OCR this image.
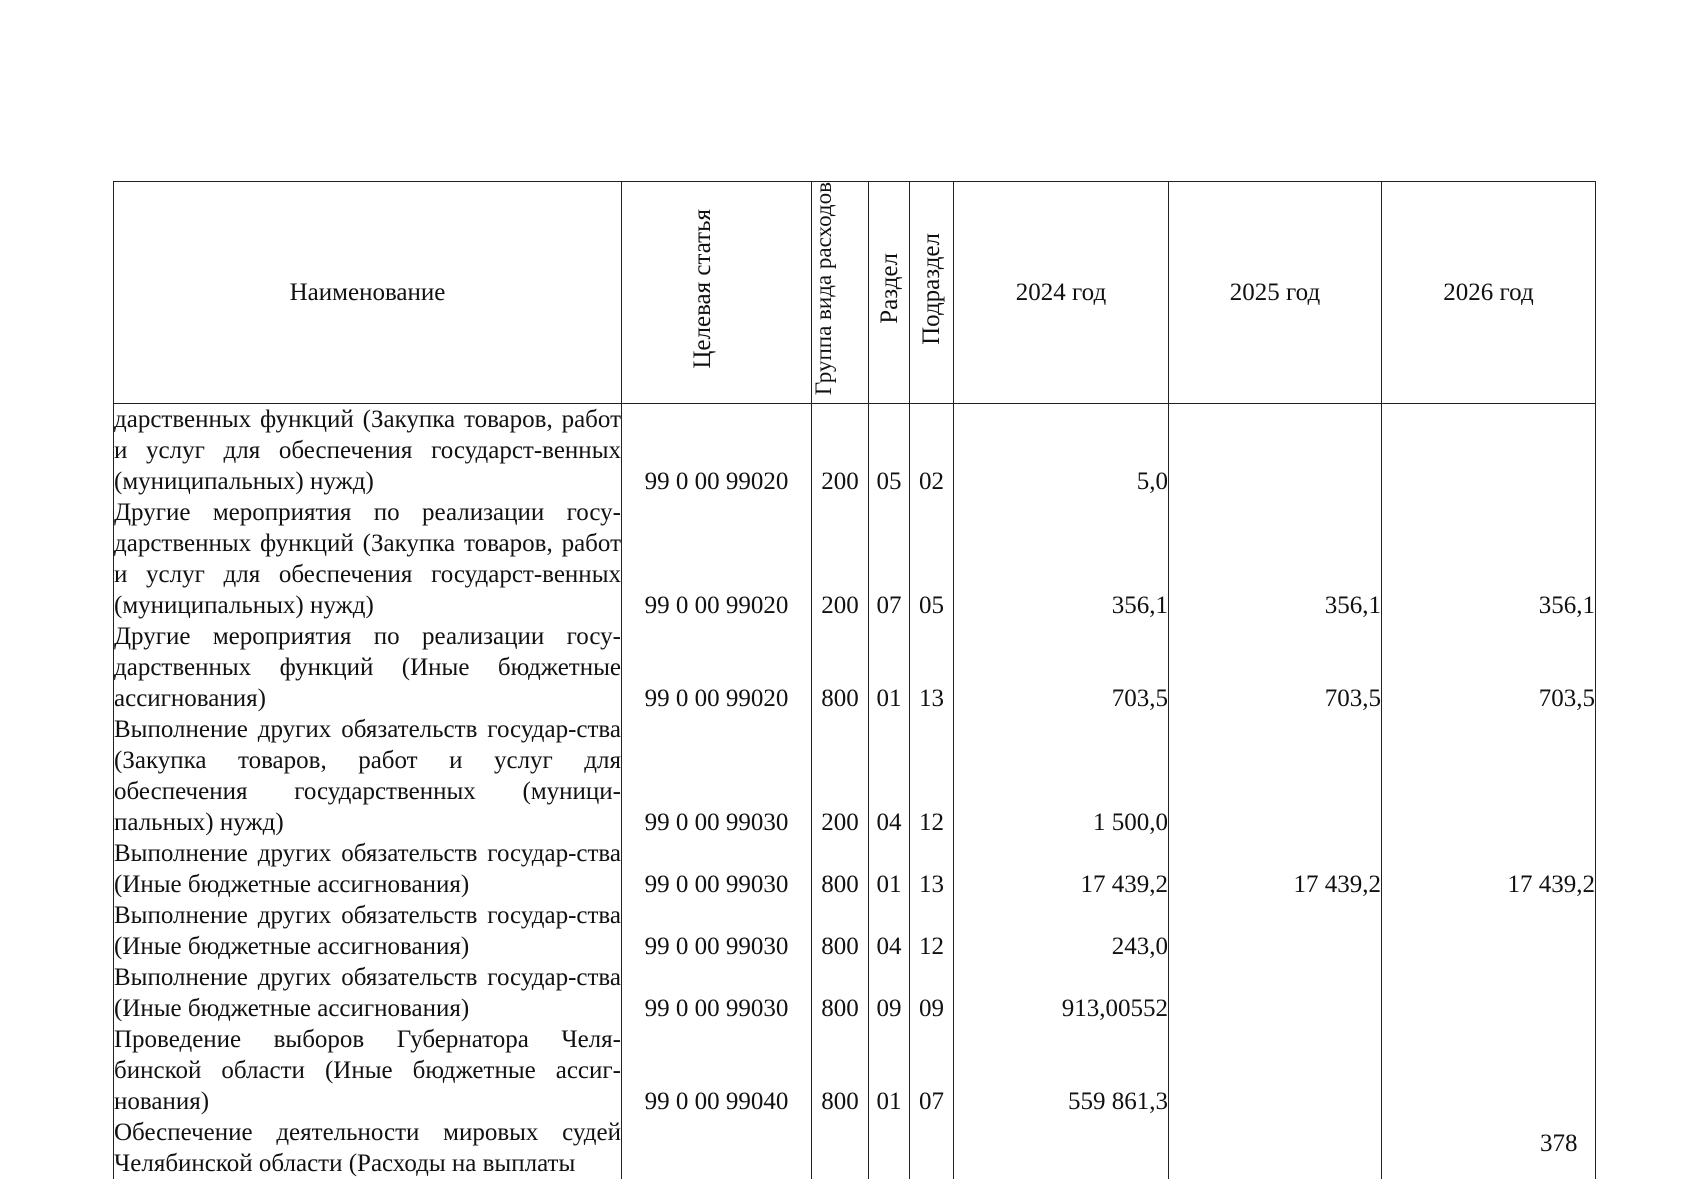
Наименование	Целевая статья	Группа вида расходов	Раздел	Подраздел	2024 год	2025 год	2026 год
дарственных функций (Закупка товаров, работ и услуг для обеспечения государст-венных (муниципальных) нужд)	99 0 00 99020	200	05	02	5,0		
Другие мероприятия по реализации госу-дарственных функций (Закупка товаров, работ и услуг для обеспечения государст-венных (муниципальных) нужд)	99 0 00 99020	200	07	05	356,1	356,1	356,1
Другие мероприятия по реализации госу-дарственных функций (Иные бюджетные ассигнования)	99 0 00 99020	800	01	13	703,5	703,5	703,5
Выполнение других обязательств государ-ства (Закупка товаров, работ и услуг для обеспечения государственных (муници-пальных) нужд)	99 0 00 99030	200	04	12	1 500,0		
Выполнение других обязательств государ-ства (Иные бюджетные ассигнования)	99 0 00 99030	800	01	13	17 439,2	17 439,2	17 439,2
Выполнение других обязательств государ-ства (Иные бюджетные ассигнования)	99 0 00 99030	800	04	12	243,0		
Выполнение других обязательств государ-ства (Иные бюджетные ассигнования)	99 0 00 99030	800	09	09	913,00552		
Проведение выборов Губернатора Челя-бинской области (Иные бюджетные ассиг-нования)	99 0 00 99040	800	01	07	559 861,3		
Обеспечение деятельности мировых судей Челябинской области (Расходы на выплаты							
378
